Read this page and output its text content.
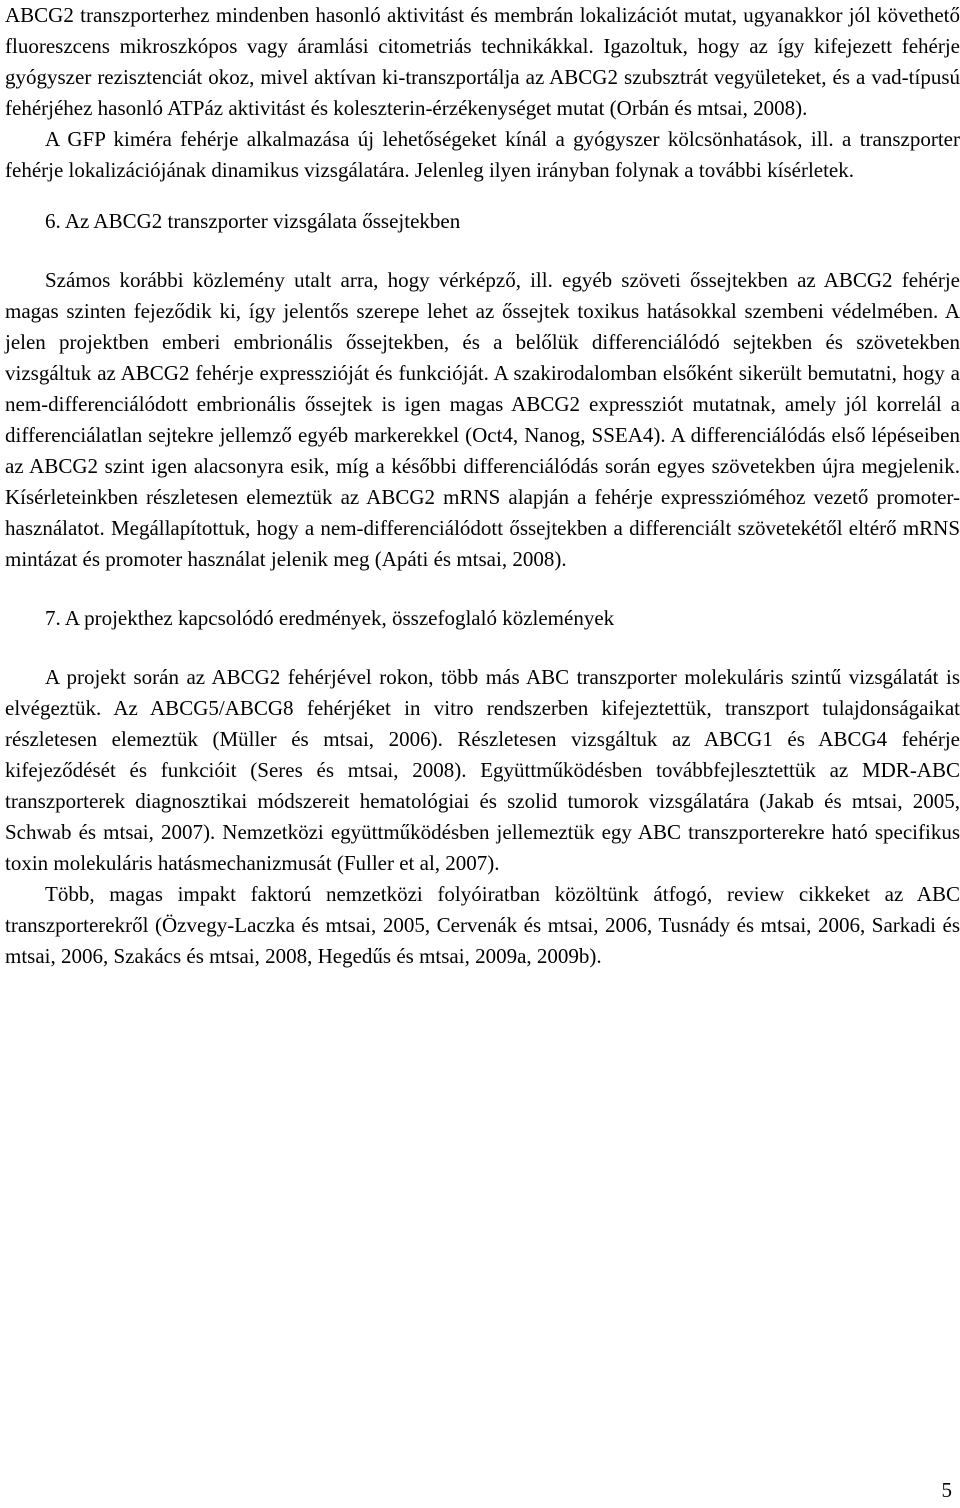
ABCG2 transzporterhez mindenben hasonló aktivitást és membrán lokalizációt mutat, ugyanakkor jól követhető fluoreszcens mikroszkópos vagy áramlási citometriás technikákkal. Igazoltuk, hogy az így kifejezett fehérje gyógyszer rezisztenciát okoz, mivel aktívan ki-transzportálja az ABCG2 szubsztrát vegyületeket, és a vad-típusú fehérjéhez hasonló ATPáz aktivitást és koleszterin-érzékenységet mutat (Orbán és mtsai, 2008).

A GFP kiméra fehérje alkalmazása új lehetőségeket kínál a gyógyszer kölcsönhatások, ill. a transzporter fehérje lokalizációjának dinamikus vizsgálatára. Jelenleg ilyen irányban folynak a további kísérletek.

6. Az ABCG2 transzporter vizsgálata őssejtekben

Számos korábbi közlemény utalt arra, hogy vérképző, ill. egyéb szöveti őssejtekben az ABCG2 fehérje magas szinten fejeződik ki, így jelentős szerepe lehet az őssejtek toxikus hatásokkal szembeni védelmében. A jelen projektben emberi embrionális őssejtekben, és a belőlük differenciálódó sejtekben és szövetekben vizsgáltuk az ABCG2 fehérje expresszióját és funkcióját. A szakirodalomban elsőként sikerült bemutatni, hogy a nem-differenciálódott embrionális őssejtek is igen magas ABCG2 expressziót mutatnak, amely jól korrelál a differenciálatlan sejtekre jellemző egyéb markerekkel (Oct4, Nanog, SSEA4). A differenciálódás első lépéseiben az ABCG2 szint igen alacsonyra esik, míg a későbbi differenciálódás során egyes szövetekben újra megjelenik. Kísérleteinkben részletesen elemeztük az ABCG2 mRNS alapján a fehérje expresszióméhoz vezető promoter-használatot. Megállapítottuk, hogy a nem-differenciálódott őssejtekben a differenciált szövetekétől eltérő mRNS mintázat és promoter használat jelenik meg (Apáti és mtsai, 2008).

7. A projekthez kapcsolódó eredmények, összefoglaló közlemények

A projekt során az ABCG2 fehérjével rokon, több más ABC transzporter molekuláris szintű vizsgálatát is elvégeztük. Az ABCG5/ABCG8 fehérjéket in vitro rendszerben kifejeztettük, transzport tulajdonságaikat részletesen elemeztük (Müller és mtsai, 2006). Részletesen vizsgáltuk az ABCG1 és ABCG4 fehérje kifejeződését és funkcióit (Seres és mtsai, 2008). Együttműködésben továbbfejlesztettük az MDR-ABC transzporterek diagnosztikai módszereit hematológiai és szolid tumorok vizsgálatára (Jakab és mtsai, 2005, Schwab és mtsai, 2007). Nemzetközi együttműködésben jellemeztük egy ABC transzporterekre ható specifikus toxin molekuláris hatásmechanizmusát (Fuller et al, 2007).

Több, magas impakt faktorú nemzetközi folyóiratban közöltünk átfogó, review cikkeket az ABC transzporterekről (Özvegy-Laczka és mtsai, 2005, Cervenák és mtsai, 2006, Tusnády és mtsai, 2006, Sarkadi és mtsai, 2006, Szakács és mtsai, 2008, Hegedűs és mtsai, 2009a, 2009b).

5
